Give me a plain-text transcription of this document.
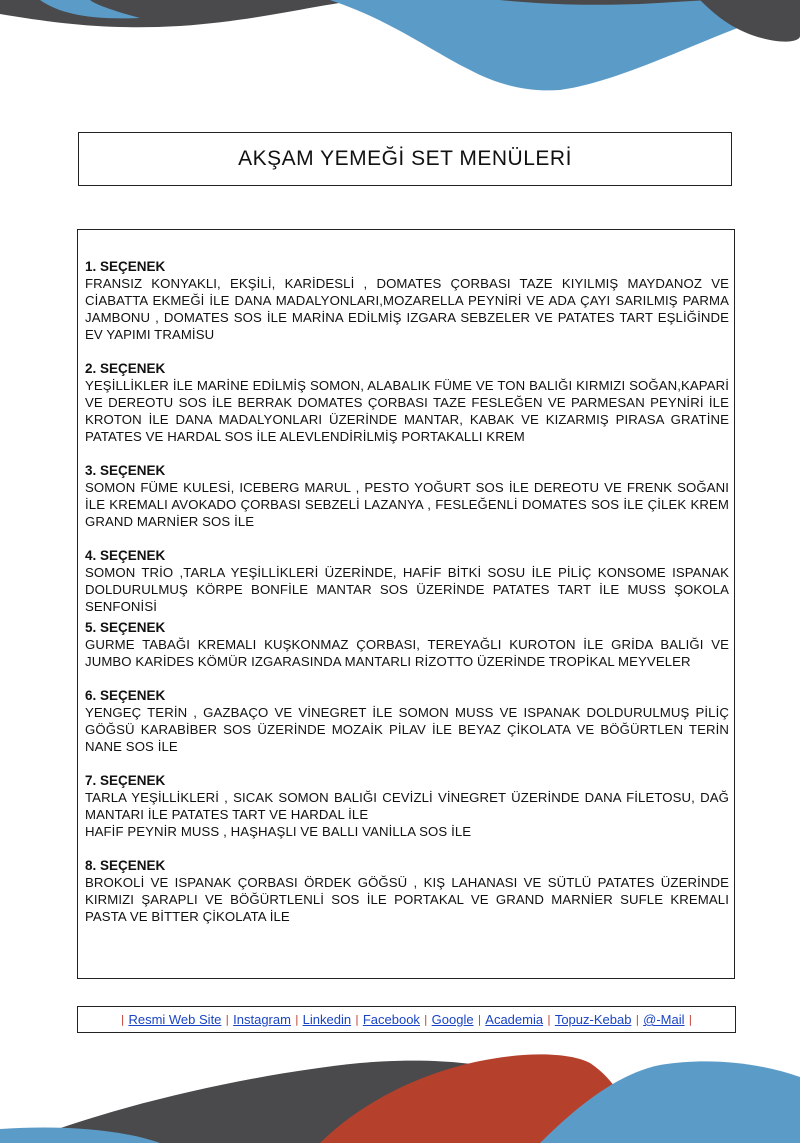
AKŞAM YEMEĞİ SET MENÜLERİ
1. SEÇENEK

FRANSIZ KONYAKLI, EKŞİLİ, KARİDESLİ , DOMATES ÇORBASI TAZE KIYILMIŞ MAYDANOZ VE CİABATTA EKMEĞİ İLE DANA MADALYONLARI,MOZARELLA PEYNİRİ VE ADA ÇAYI SARILMIŞ PARMA JAMBONU , DOMATES SOS İLE MARİNA EDİLMİŞ IZGARA SEBZELER VE PATATES TART EŞLİĞİNDE EV YAPIMI TRAMİSU

2. SEÇENEK

YEŞİLLİKLER İLE MARİNE EDİLMİŞ SOMON, ALABALIK FÜME VE TON BALIĞI KIRMIZI SOĞAN,KAPARİ VE DEREOTU SOS İLE BERRAK DOMATES ÇORBASI TAZE FESLEĞEN VE PARMESAN PEYNİRİ İLE KROTON İLE DANA MADALYONLARI ÜZERİNDE MANTAR, KABAK VE KIZARMIŞ PIRASA GRATİNE PATATES VE HARDAL SOS İLE ALEVLENDİRİLMİŞ PORTAKALLI KREM

3. SEÇENEK

SOMON FÜME KULESİ, ICEBERG MARUL , PESTO YOĞURT SOS İLE DEREOTU VE FRENK SOĞANI İLE KREMALI AVOKADO ÇORBASI SEBZELİ LAZANYA , FESLEĞENLİ DOMATES SOS İLE ÇİLEK KREM GRAND MARNİER SOS İLE

4. SEÇENEK

SOMON TRİO ,TARLA YEŞİLLİKLERİ ÜZERİNDE, HAFİF BİTKİ SOSU İLE PİLİÇ KONSOME ISPANAK DOLDURULMUŞ KÖRPE BONFİLE MANTAR SOS ÜZERİNDE PATATES TART İLE MUSS ŞOKOLA SENFONİSİ

5. SEÇENEK

GURME TABAĞI KREMALI KUŞKONMAZ ÇORBASI, TEREYAĞLI KUROTON İLE GRİDA BALIĞI VE JUMBO KARİDES KÖMÜR IZGARASINDA MANTARLI RİZOTTO ÜZERİNDE TROPİKAL MEYVELER

6. SEÇENEK

YENGEÇ TERİN , GAZBAÇO VE VİNEGRET İLE SOMON MUSS VE ISPANAK DOLDURULMUŞ PİLİÇ GÖĞSÜ KARABİBER SOS ÜZERİNDE MOZAİK PİLAV İLE BEYAZ ÇİKOLATA VE BÖĞÜRTLEN TERİN NANE SOS İLE

7. SEÇENEK

TARLA YEŞİLLİKLERİ , SICAK SOMON BALIĞI CEVİZLİ VİNEGRET ÜZERİNDE DANA FİLETOSU, DAĞ MANTARI İLE PATATES TART VE HARDAL İLE

HAFİF PEYNİR MUSS , HAŞHAŞLI VE BALLI VANİLLA SOS İLE

8. SEÇENEK

BROKOLİ VE ISPANAK ÇORBASI ÖRDEK GÖĞSÜ , KIŞ LAHANASI VE SÜTLÜ PATATES ÜZERİNDE KIRMIZI ŞARAPLI VE BÖĞÜRTLENLİ SOS İLE PORTAKAL VE GRAND MARNİER SUFLE KREMALI PASTA VE BİTTER ÇİKOLATA İLE

| Resmi Web Site | Instagram | Linkedin | Facebook | Google | Academia | Topuz-Kebab | @-Mail |
